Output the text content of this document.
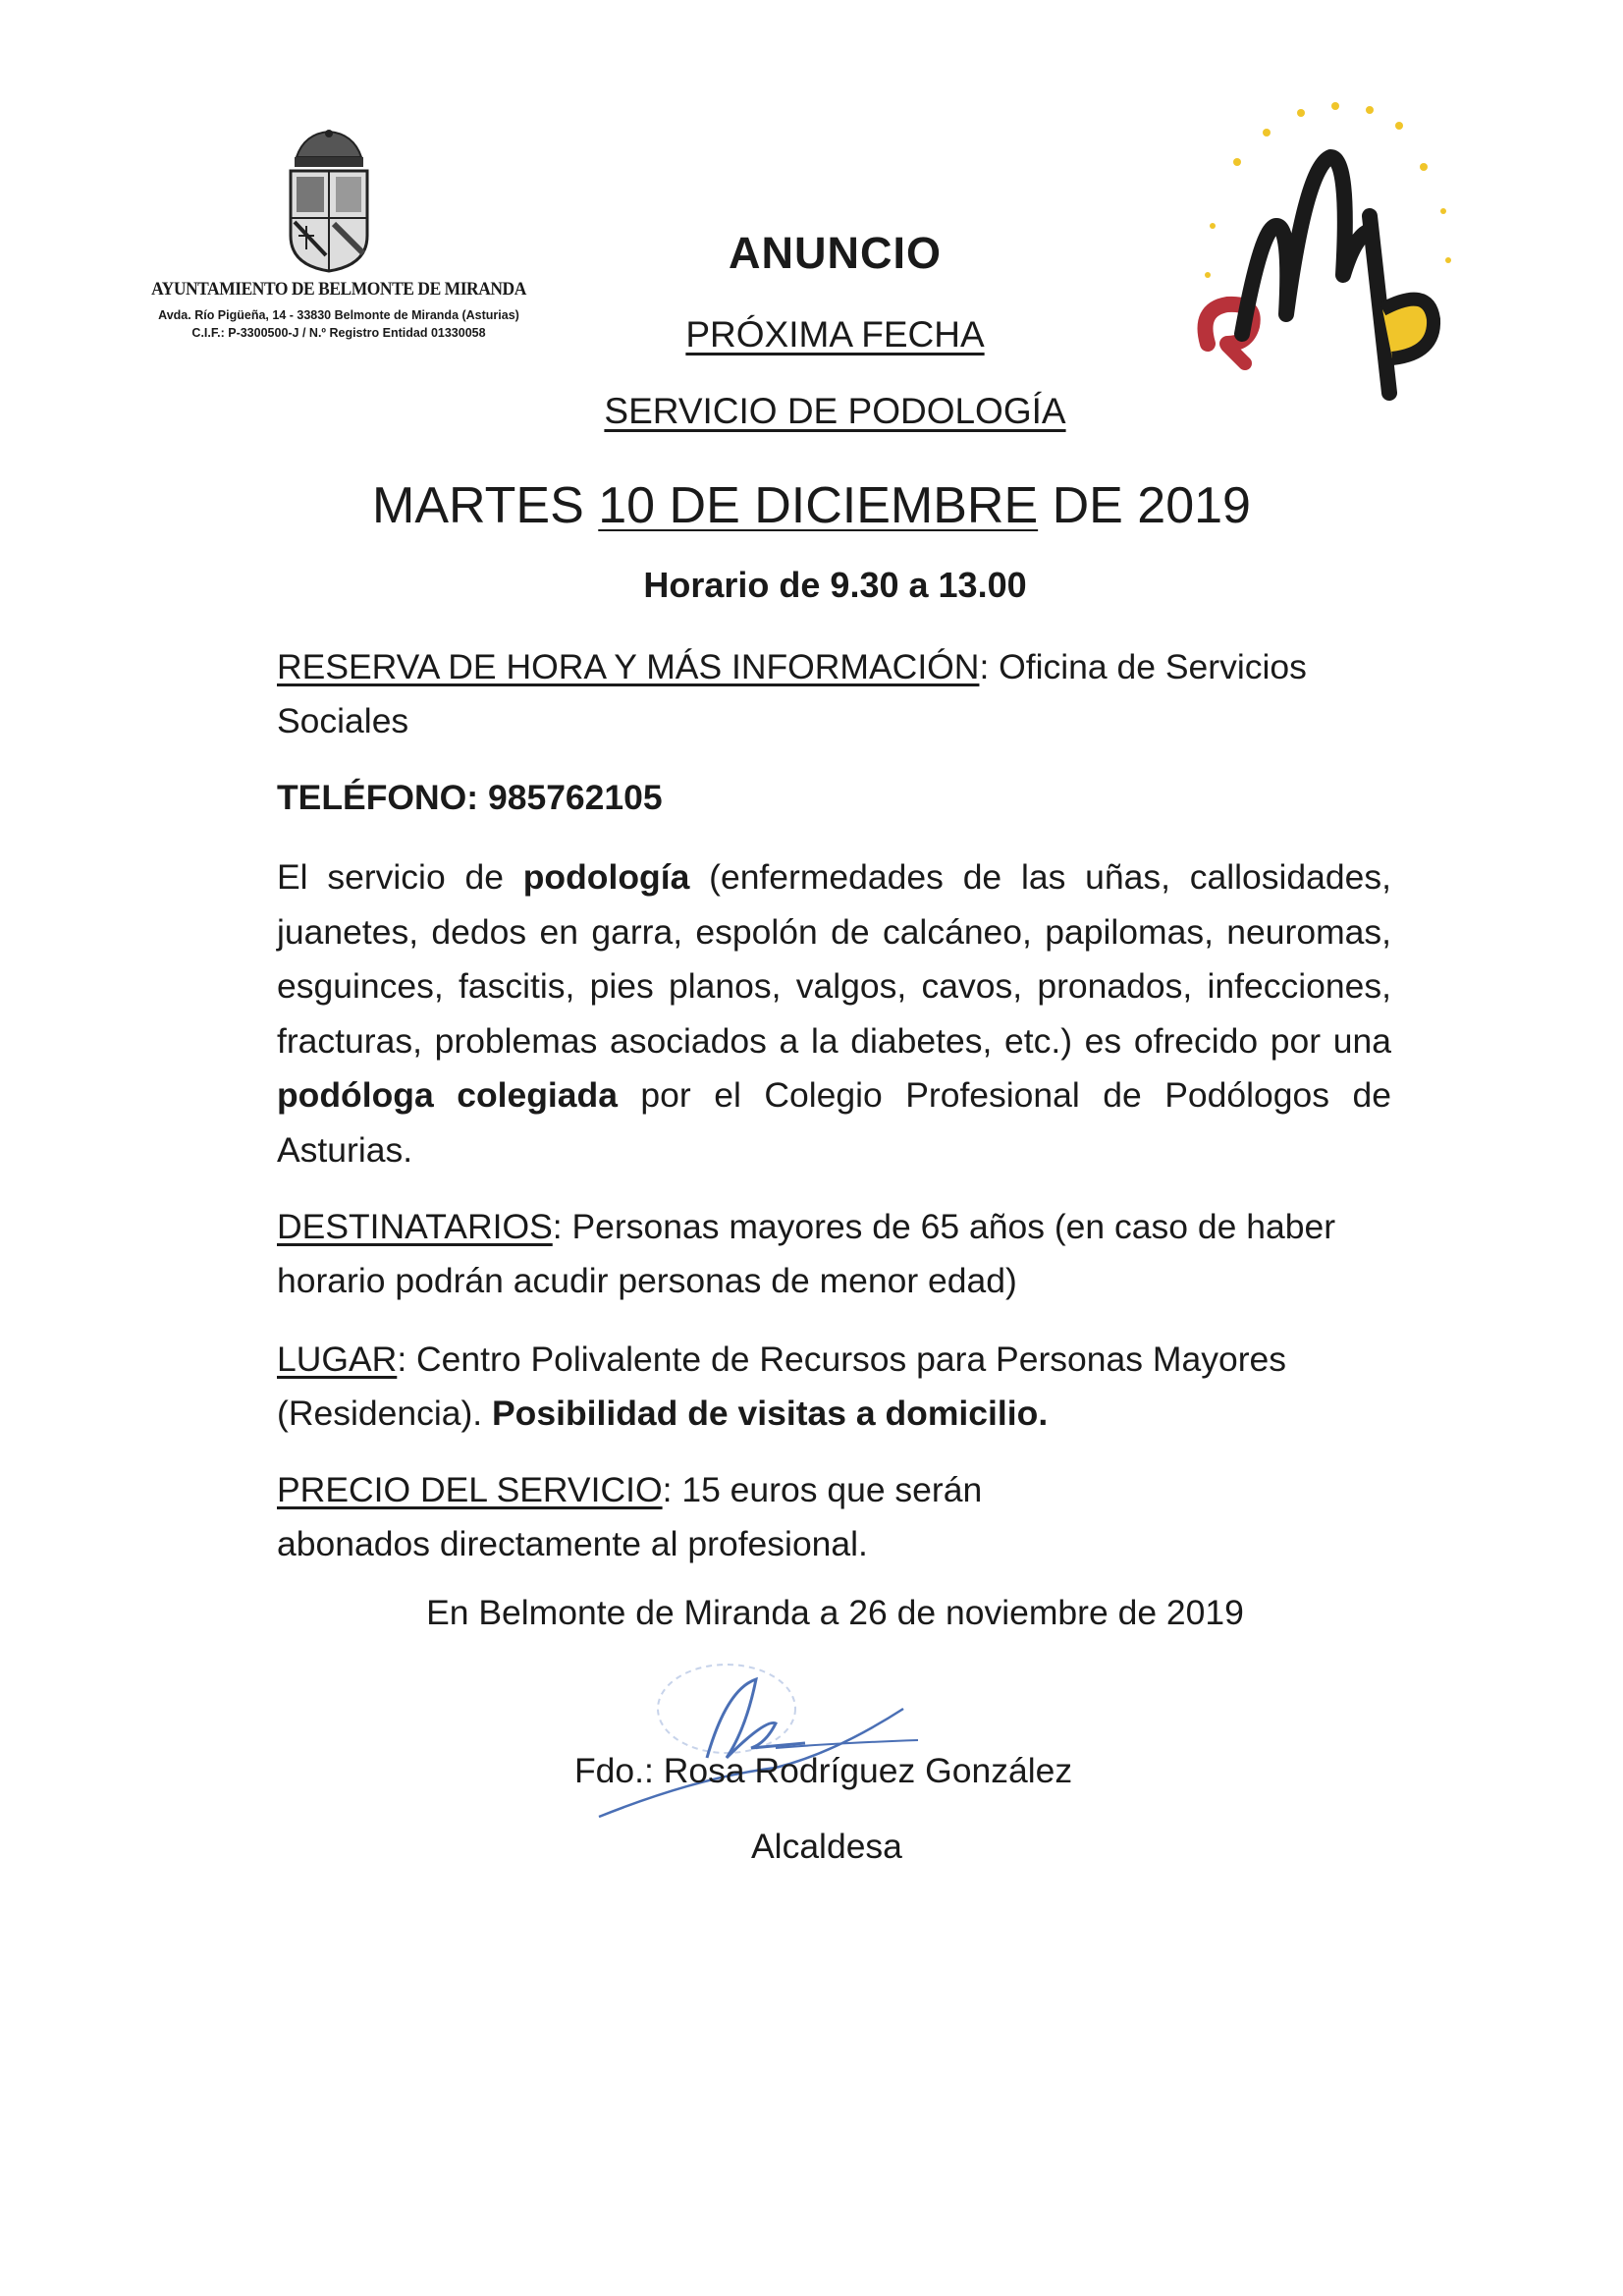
AYUNTAMIENTO DE BELMONTE DE MIRANDA
Avda. Río Pigüeña, 14 - 33830 Belmonte de Miranda (Asturias)
C.I.F.: P-3300500-J / N.º Registro Entidad 01330058
ANUNCIO
PRÓXIMA FECHA
SERVICIO DE PODOLOGÍA
MARTES 10 DE DICIEMBRE DE 2019
Horario de 9.30 a 13.00
RESERVA DE HORA Y MÁS INFORMACIÓN: Oficina de Servicios Sociales
TELÉFONO: 985762105
El servicio de podología (enfermedades de las uñas, callosidades, juanetes, dedos en garra, espolón de calcáneo, papilomas, neuromas, esguinces, fascitis, pies planos, valgos, cavos, pronados, infecciones, fracturas, problemas asociados a la diabetes, etc.) es ofrecido por una podóloga colegiada por el Colegio Profesional de Podólogos de Asturias.
DESTINATARIOS: Personas mayores de 65 años (en caso de haber horario podrán acudir personas de menor edad)
LUGAR: Centro Polivalente de Recursos para Personas Mayores (Residencia). Posibilidad de visitas a domicilio.
PRECIO DEL SERVICIO: 15 euros que serán abonados directamente al profesional.
En Belmonte de Miranda a 26 de noviembre de 2019
Fdo.: Rosa Rodríguez González
Alcaldesa
